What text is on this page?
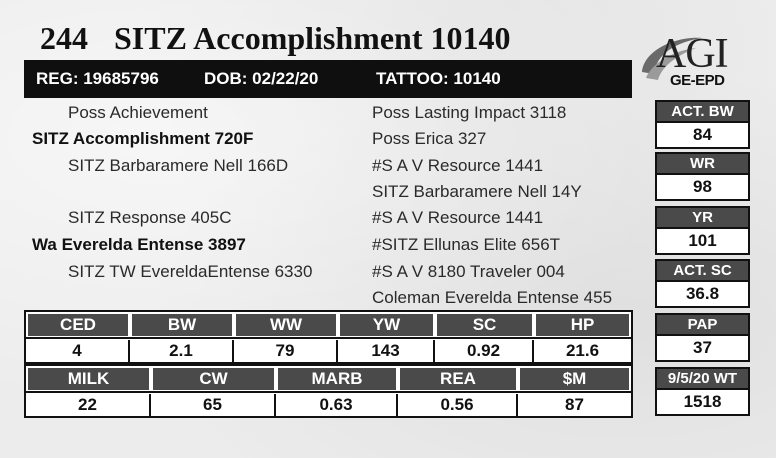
244 SITZ Accomplishment 10140
REG: 19685796	DOB: 02/22/20	TATTOO: 10140
AGI
GE-EPD
Poss Achievement
SITZ Accomplishment 720F
SITZ Barbaramere Nell 166D
SITZ Response 405C
Wa Everelda Entense 3897
SITZ TW EvereldaEntense 6330
Poss Lasting Impact 3118
Poss Erica 327
#S A V Resource 1441
SITZ Barbaramere Nell 14Y
#S A V Resource 1441
#SITZ Ellunas Elite 656T
#S A V 8180 Traveler 004
Coleman Everelda Entense 455
CED	BW	WW	YW	SC	HP
4	2.1	79	143	0.92	21.6
MILK	CW	MARB	REA	$M
22	65	0.63	0.56	87
ACT. BW
84
WR
98
YR
101
ACT. SC
36.8
PAP
37
9/5/20 WT
1518
